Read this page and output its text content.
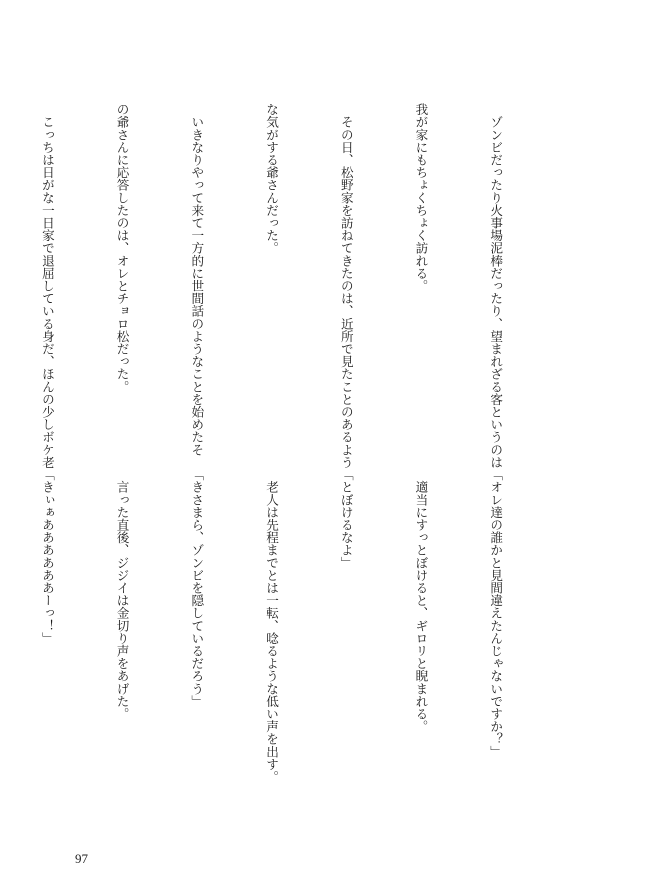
　ゾンビだったり火事場泥棒だったり、望まれざる客というのは

我が家にもちょくちょく訪れる。

　その日、松野家を訪ねてきたのは、近所で見たことのあるよう

な気がする爺さんだった。

　いきなりやって来て一方的に世間話のようなことを始めたそ

の爺さんに応答したのは、オレとチョロ松だった。

　こっちは日がな一日家で退屈している身だ、ほんの少しボケ老

「オレ達の誰かと見間違えたんじゃないですか？」

　適当にすっとぼけると、ギロリと睨まれる。

「とぼけるなよ」

　老人は先程までとは一転、唸るような低い声を出す。

「きさまら、ゾンビを隠しているだろう」

　言った直後、ジジイは金切り声をあげた。

「きぃぁああああああーっ！」

97
